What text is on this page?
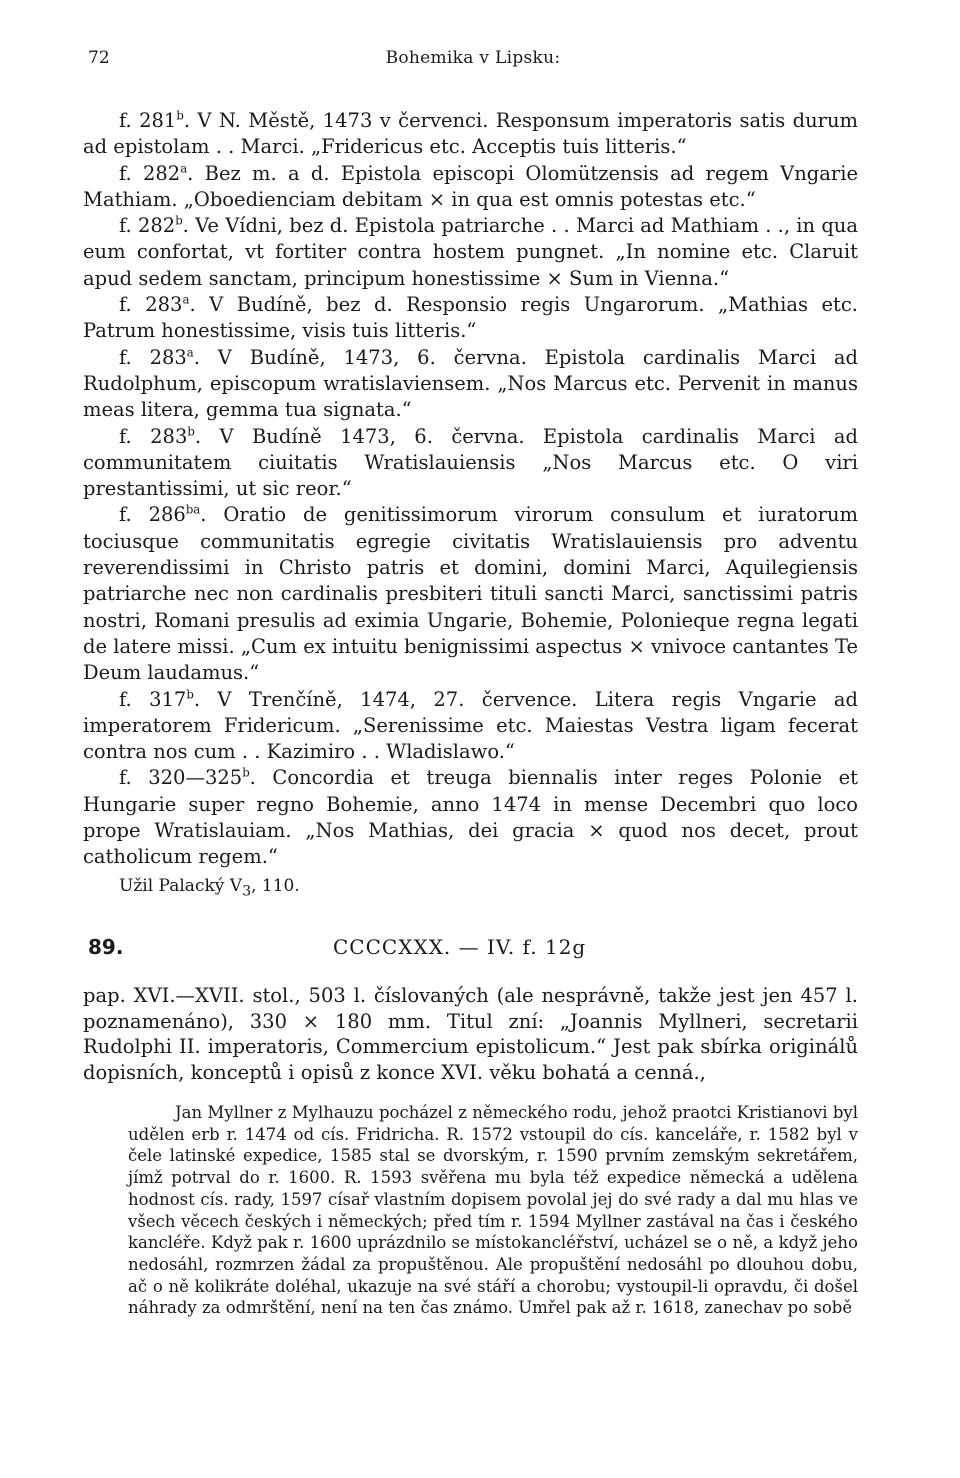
72	Bohemika v Lipsku:

f. 281$^b$. V N. Městě, 1473 v červenci. Responsum imperatoris satis durum ad epistolam . . Marci. „Fridericus etc. Acceptis tuis litteris.“

f. 282$^a$. Bez m. a d. Epistola episcopi Olomützensis ad regem Vngarie Mathiam. „Oboedienciam debitam × in qua est omnis potestas etc.“

f. 282$^b$. Ve Vídni, bez d. Epistola patriarche . . Marci ad Mathiam . ., in qua eum confortat, vt fortiter contra hostem pungnet. „In nomine etc. Claruit apud sedem sanctam, principum honestissime × Sum in Vienna.“

f. 283$^a$. V Budíně, bez d. Responsio regis Ungarorum. „Mathias etc. Patrum honestissime, visis tuis litteris.“

f. 283$^a$. V Budíně, 1473, 6. června. Epistola cardinalis Marci ad Rudolphum, episcopum wratislaviensem. „Nos Marcus etc. Pervenit in manus meas litera, gemma tua signata.“

f. 283$^b$. V Budíně 1473, 6. června. Epistola cardinalis Marci ad communitatem ciuitatis Wratislauiensis „Nos Marcus etc. O viri prestantissimi, ut sic reor.“

f. $286^{ba}$. Oratio de genitissimorum virorum consulum et iuratorum tociusque communitatis egregie civitatis Wratislauiensis pro adventu reverendissimi in Christo patris et domini, domini Marci, Aquilegiensis patriarche nec non cardinalis presbiteri tituli sancti Marci, sanctissimi patris nostri, Romani presulis ad eximia Ungarie, Bohemie, Polonieque regna legati de latere missi. „Cum ex intuitu benignissimi aspectus × vnivoce cantantes Te Deum laudamus.“

f. 317$^b$. V Trenčíně, 1474, 27. července. Litera regis Vngarie ad imperatorem Fridericum. „Serenissime etc. Maiestas Vestra ligam fecerat contra nos cum . . Kazimiro . . Wladislawo.“

f. 320—325$^b$. Concordia et treuga biennalis inter reges Polonie et Hungarie super regno Bohemie, anno 1474 in mense Decembri quo loco prope Wratislauiam. „Nos Mathias, dei gracia × quod nos decet, prout catholicum regem.“

Užil Palacký $V_3$, 110.

89.	CCCCXXX. — IV. f. 12g

pap. XVI.—XVII. stol., 503 l. číslovaných (ale nesprávně, takže jest jen 457 l. poznamenáno), 330 × 180 mm. Titul zní: „Joannis Myllneri, secretarii Rudolphi II. imperatoris, Commercium epistolicum.“ Jest pak sbírka originálů dopisních, konceptů i opisů z konce XVI. věku bohatá a cenná.,

Jan Myllner z Mylhauzu pocházel z německého rodu, jehož praotci Kristianovi byl udělen erb r. 1474 od cís. Fridricha. R. 1572 vstoupil do cís. kanceláře, r. 1582 byl v čele latinské expedice, 1585 stal se dvorským, r. 1590 prvním zemským sekretářem, jímž potrval do r. 1600. R. 1593 svěřena mu byla též expedice německá a udělena hodnost cís. rady, 1597 císař vlastním dopisem povolal jej do své rady a dal mu hlas ve všech věcech českých i německých; před tím r. 1594 Myllner zastával na čas i českého kancléře. Když pak r. 1600 uprázdnilo se místokancléřství, ucházel se o ně, a když jeho nedosáhl, rozmrzen žádal za propuštěnou. Ale propuštění nedosáhl po dlouhou dobu, ač o ně kolikráte doléhal, ukazuje na své stáří a chorobu; vystoupil-li opravdu, či došel náhrady za odmrštění, není na ten čas známo. Umřel pak až r. 1618, zanechav po sobě
